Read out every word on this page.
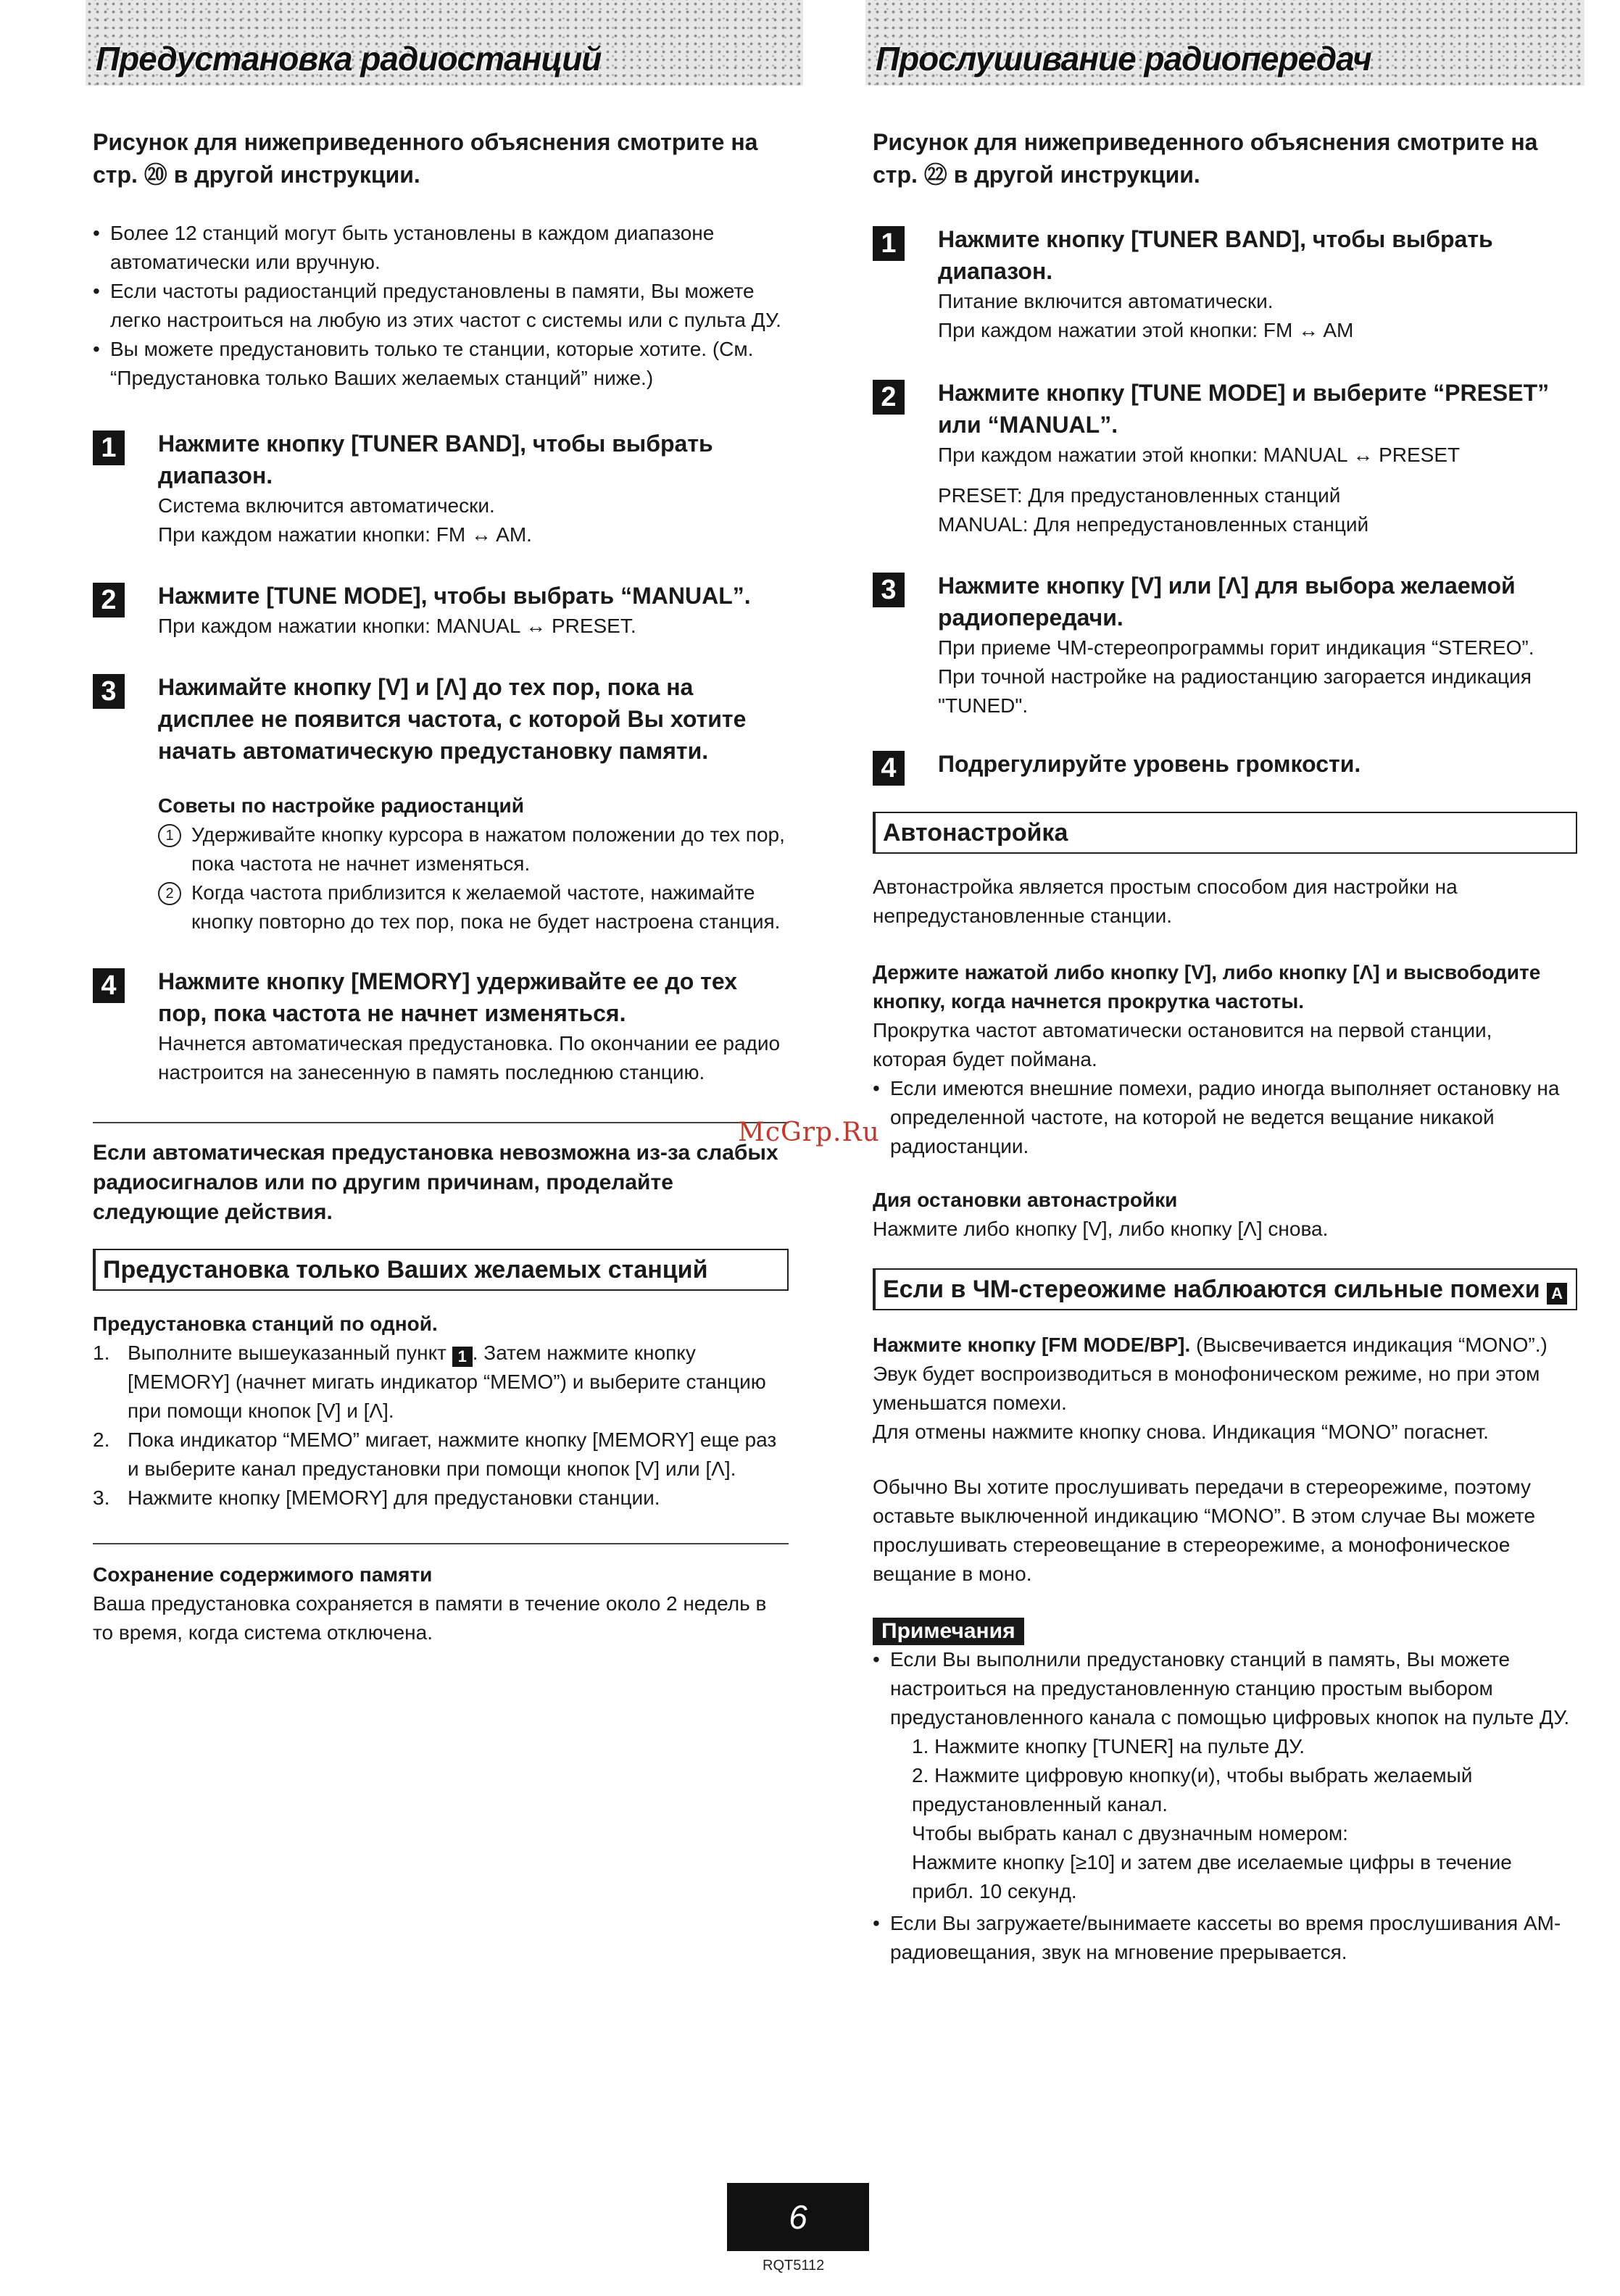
Предустановка радиостанций
Рисунок для нижеприведенного объяснения смотрите на стр. ⑳ в другой инструкции.
• Более 12 станций могут быть установлены в каждом диапазоне автоматически или вручную.
• Если частоты радиостанций предустановлены в памяти, Вы можете легко настроиться на любую из этих частот с системы или с пульта ДУ.
• Вы можете предустановить только те станции, которые хотите. (См. “Предустановка только Ваших желаемых станций” ниже.)
1	Нажмите кнопку [TUNER BAND], чтобы выбрать диапазон.
Система включится автоматически.
При каждом нажатии кнопки: FM ↔ AM.
2	Нажмите [TUNE MODE], чтобы выбрать “MANUAL”.
При каждом нажатии кнопки: MANUAL ↔ PRESET.
3	Нажимайте кнопку [V] и [Λ] до тех пор, пока на дисплее не появится частота, с которой Вы хотите начать автоматическую предустановку памяти.
Советы по настройке радиостанций
1 Удерживайте кнопку курсора в нажатом положении до тех пор, пока частота не начнет изменяться.
2 Когда частота приблизится к желаемой частоте, нажимайте кнопку повторно до тех пор, пока не будет настроена станция.
4	Нажмите кнопку [MEMORY] удерживайте ее до тех пор, пока частота не начнет изменяться.
Начнется автоматическая предустановка. По окончании ее радио настроится на занесенную в память последнюю станцию.
Если автоматическая предустановка невозможна из-за слабых радиосигналов или по другим причинам, проделайте следующие действия.
Предустановка только Ваших желаемых станций
Предустановка станций по одной.
1. Выполните вышеуказанный пункт 1 . Затем нажмите кнопку [MEMORY] (начнет мигать индикатор “MEMO”) и выберите станцию при помощи кнопок [V] и [Λ].
2. Пока индикатор “MEMO” мигает, нажмите кнопку [MEMORY] еще раз и выберите канал предустановки при помощи кнопок [V] или [Λ].
3. Нажмите кнопку [MEMORY] для предустановки станции.
Сохранение содержимого памяти
Ваша предустановка сохраняется в памяти в течение около 2 недель в то время, когда система отключена.
Прослушивание радиопередач
Рисунок для нижеприведенного объяснения смотрите на стр. ㉒ в другой инструкции.
1	Нажмите кнопку [TUNER BAND], чтобы выбрать диапазон.
Питание включится автоматически.
При каждом нажатии этой кнопки: FM ↔ AM
2	Нажмите кнопку [TUNE MODE] и выберите “PRESET” или “MANUAL”.
При каждом нажатии этой кнопки: MANUAL ↔ PRESET
PRESET: Для предустановленных станций
MANUAL: Для непредустановленных станций
3	Нажмите кнопку [V] или [Λ] для выбора желаемой радиопередачи.
При приеме ЧМ-стереопрограммы горит индикация “STEREO”. При точной настройке на радиостанцию загорается индикация "TUNED".
4	Подрегулируйте уровень громкости.
Автонастройка
Автонастройка является простым способом дия настройки на непредустановленные станции.
Держите нажатой либо кнопку [V], либо кнопку [Λ] и высвободите кнопку, когда начнется прокрутка частоты.
Прокрутка частот автоматически остановится на первой станции, которая будет поймана.
• Если имеются внешние помехи, радио иногда выполняет остановку на определенной частоте, на которой не ведется вещание никакой радиостанции.
Дия остановки автонастройки
Нажмите либо кнопку [V], либо кнопку [Λ] снова.
Если в ЧМ-стереожиме наблюаются сильные помехи A
Нажмите кнопку [FM MODE/BP]. (Высвечивается индикация “MONO”.)
Эвук будет воспроизводиться в монофоническом режиме, но при этом уменьшатся помехи.
Для отмены нажмите кнопку снова. Индикация “MONO” погаснет.
Обычно Вы хотите прослушивать передачи в стереорежиме, поэтому оставьте выключенной индикацию “MONO”. В этом случае Вы можете прослушивать стереовещание в стереорежиме, а монофоническое вещание в моно.
Примечания
• Если Вы выполнили предустановку станций в память, Вы можете настроиться на предустановленную станцию простым выбором предустановленного канала с помощью цифровых кнопок на пульте ДУ.
1. Нажмите кнопку [TUNER] на пульте ДУ.
2. Нажмите цифровую кнопку(и), чтобы выбрать желаемый предустановленный канал.
Чтобы выбрать канал с двузначным номером:
Нажмите кнопку [≥10] и затем две иселаемые цифры в течение прибл. 10 секунд.
• Если Вы загружаете/вынимаете кассеты во время прослушивания АМ-радиовещания, звук на мгновение прерывается.
McGrp.Ru
6
RQT5112
